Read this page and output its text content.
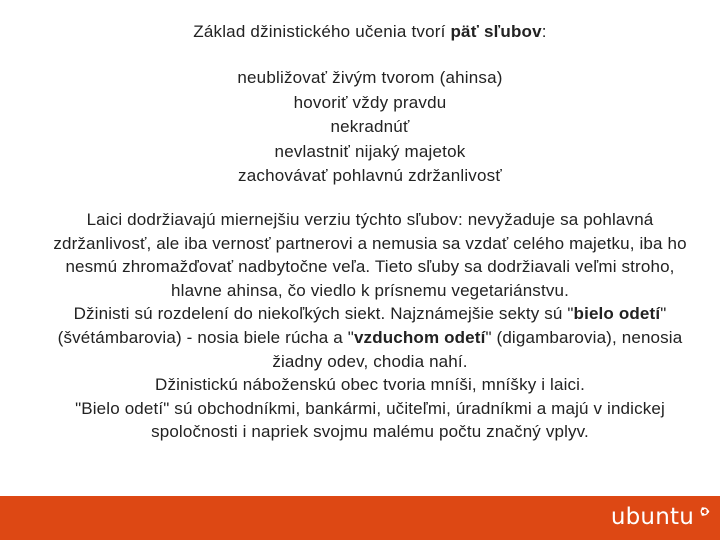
Základ džinistického učenia tvorí päť sľubov:
neubližovať živým tvorom (ahinsa)
hovoriť vždy pravdu
nekradnúť
nevlastniť nijaký majetok
zachovávať pohlavnú zdržanlivosť

Laici dodržiavajú miernejšiu verziu týchto sľubov: nevyžaduje sa pohlavná zdržanlivosť, ale iba vernosť partnerovi a nemusia sa vzdať celého majetku, iba ho nesmú zhromažďovať nadbytočne veľa. Tieto sľuby sa dodržiavali veľmi stroho, hlavne ahinsa, čo viedlo k prísnemu vegetariánstvu.

Džinisti sú rozdelení do niekoľkých siekt. Najznámejšie sekty sú "bielo odetí" (švétámbarovia) - nosia biele rúcha a "vzduchom odetí" (digambarovia), nenosia žiadny odev, chodia nahí.

Džinistickú náboženskú obec tvoria mníši, mníšky i laici.

"Bielo odetí" sú obchodníkmi, bankármi, učiteľmi, úradníkmi a majú v indickej spoločnosti i napriek svojmu malému počtu značný vplyv.

ubuntu
